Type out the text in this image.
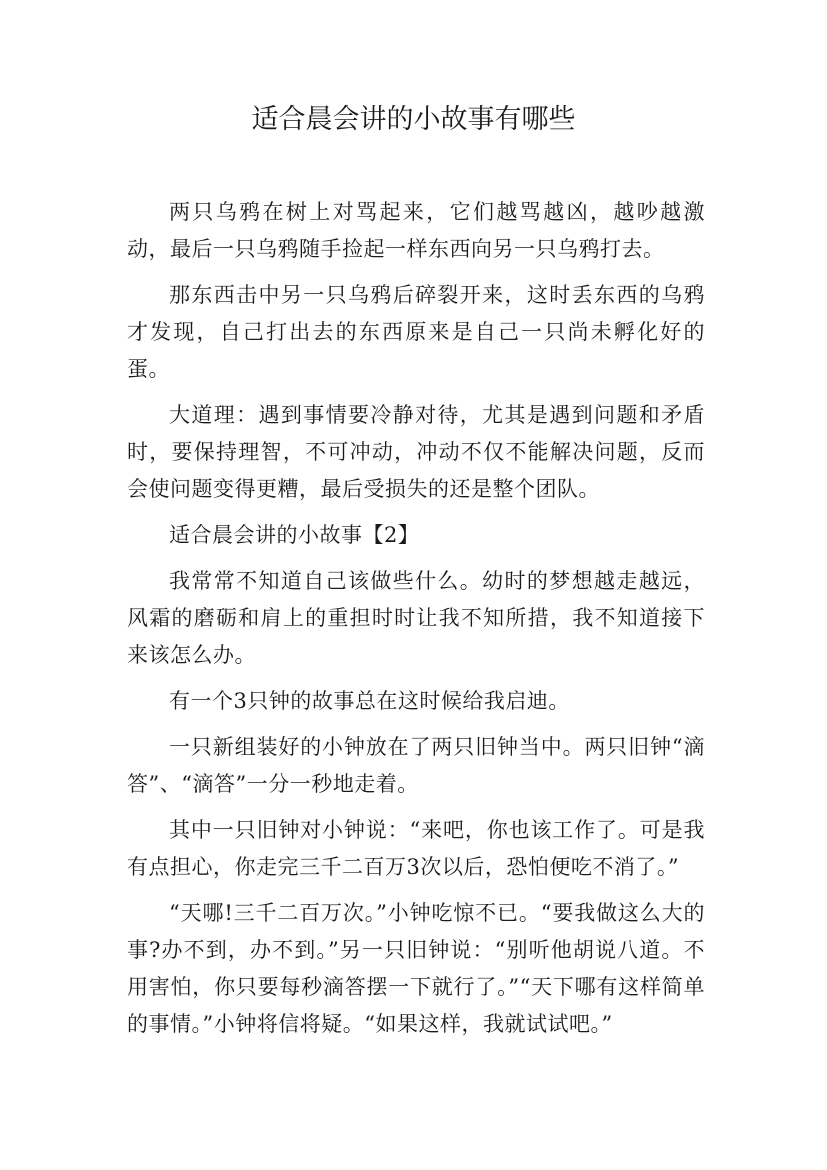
适合晨会讲的小故事有哪些

两只乌鸦在树上对骂起来，它们越骂越凶，越吵越激动，最后一只乌鸦随手捡起一样东西向另一只乌鸦打去。

那东西击中另一只乌鸦后碎裂开来，这时丢东西的乌鸦才发现，自己打出去的东西原来是自己一只尚未孵化好的蛋。

大道理：遇到事情要冷静对待，尤其是遇到问题和矛盾时，要保持理智，不可冲动，冲动不仅不能解决问题，反而会使问题变得更糟，最后受损失的还是整个团队。

适合晨会讲的小故事【2】

我常常不知道自己该做些什么。幼时的梦想越走越远，风霜的磨砺和肩上的重担时时让我不知所措，我不知道接下来该怎么办。

有一个3只钟的故事总在这时候给我启迪。

一只新组装好的小钟放在了两只旧钟当中。两只旧钟“滴答”、“滴答”一分一秒地走着。

其中一只旧钟对小钟说：“来吧，你也该工作了。可是我有点担心，你走完三千二百万3次以后，恐怕便吃不消了。”

“天哪!三千二百万次。”小钟吃惊不已。“要我做这么大的事?办不到，办不到。”另一只旧钟说：“别听他胡说八道。不用害怕，你只要每秒滴答摆一下就行了。”“天下哪有这样简单的事情。”小钟将信将疑。“如果这样，我就试试吧。”
